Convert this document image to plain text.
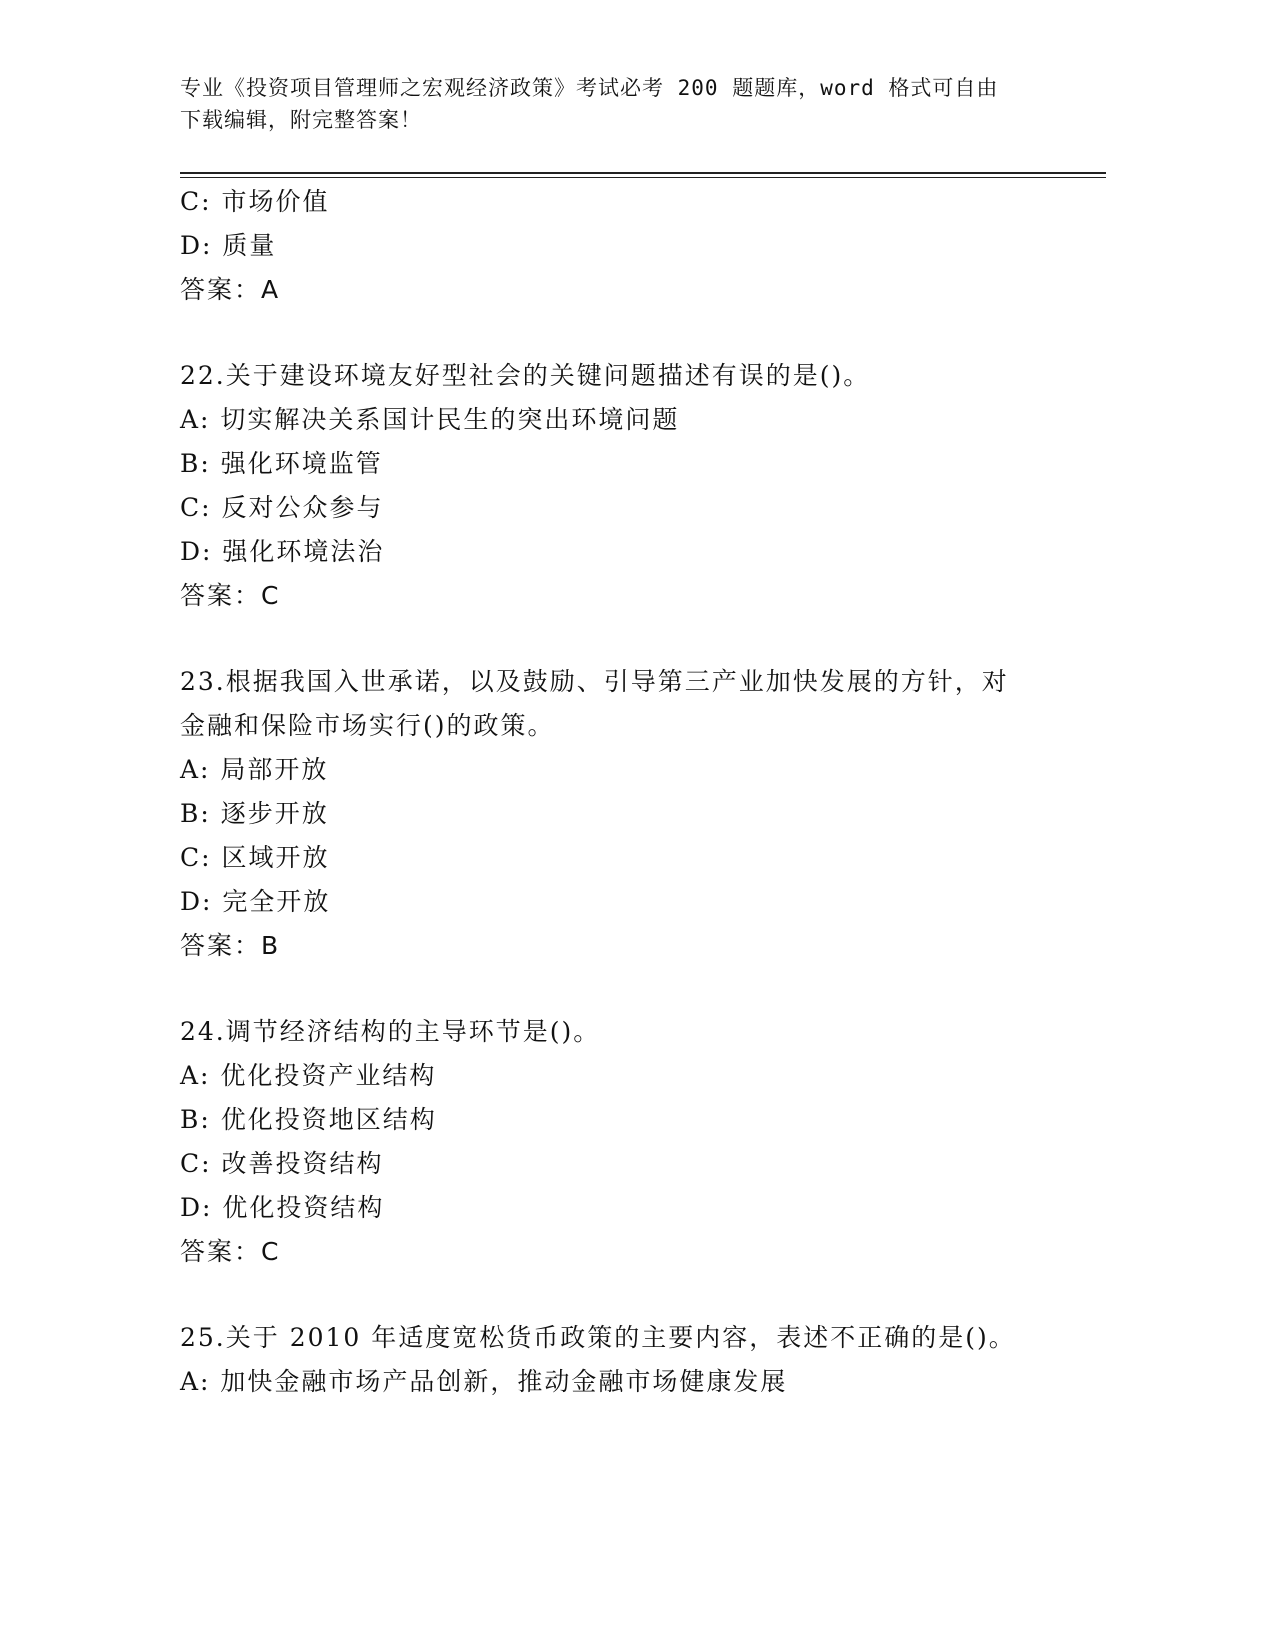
专业《投资项目管理师之宏观经济政策》考试必考 200 题题库，word 格式可自由
下载编辑，附完整答案！
C: 市场价值
D: 质量
答案：A
22.关于建设环境友好型社会的关键问题描述有误的是()。
A: 切实解决关系国计民生的突出环境问题
B: 强化环境监管
C: 反对公众参与
D: 强化环境法治
答案：C
23.根据我国入世承诺，以及鼓励、引导第三产业加快发展的方针，对
金融和保险市场实行()的政策。
A: 局部开放
B: 逐步开放
C: 区域开放
D: 完全开放
答案：B
24.调节经济结构的主导环节是()。
A: 优化投资产业结构
B: 优化投资地区结构
C: 改善投资结构
D: 优化投资结构
答案：C
25.关于 2010 年适度宽松货币政策的主要内容，表述不正确的是()。
A: 加快金融市场产品创新，推动金融市场健康发展
